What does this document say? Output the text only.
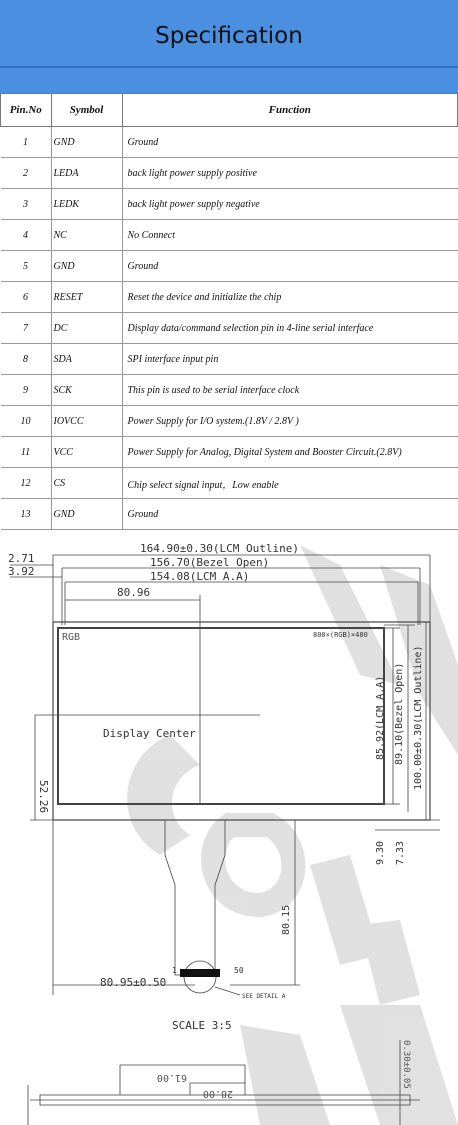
Specification
Pin.No	Symbol	Function
1	GND	Ground
2	LEDA	back light power supply positive
3	LEDK	back light power supply negative
4	NC	No Connect
5	GND	Ground
6	RESET	Reset the device and initialize the chip
7	DC	Display data/command selection pin in 4-line serial interface
8	SDA	SPI interface input pin
9	SCK	This pin is used to be serial interface clock
10	IOVCC	Power Supply for I/O system.(1.8V / 2.8V )
11	VCC	Power Supply for Analog, Digital System and Booster Circuit.(2.8V)
12	CS	Chip select signal input，Low enable
13	GND	Ground
164.90±0.30(LCM Outline)
156.70(Bezel Open)
154.08(LCM A.A)
2.71
3.92
80.96
RGB	800×(RGB)×480
Display Center
52.26
85.92(LCM A.A) 89.10(Bezel Open) 100.00±0.30(LCM Outline)
9.30 7.33
80.15
80.95±0.50
1	50
SEE DETAIL A
SCALE 3:5
61.00
28.00
0.30±0.05
MG Confid
